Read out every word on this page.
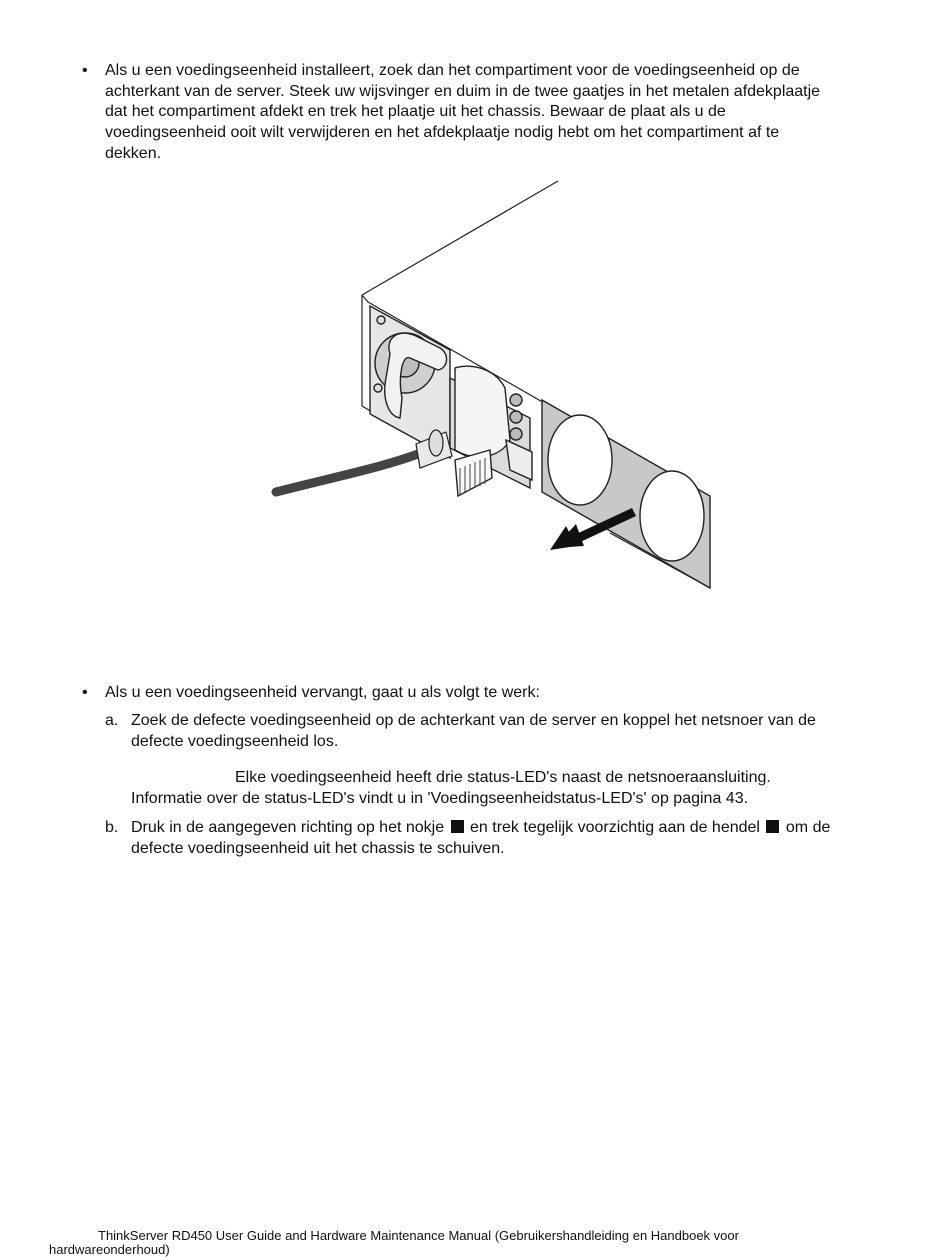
• Als u een voedingseenheid installeert, zoek dan het compartiment voor de voedingseenheid op de
achterkant van de server. Steek uw wijsvinger en duim in de twee gaatjes in het metalen afdekplaatje
dat het compartiment afdekt en trek het plaatje uit het chassis. Bewaar de plaat als u de
voedingseenheid ooit wilt verwijderen en het afdekplaatje nodig hebt om het compartiment af te
dekken.
• Als u een voedingseenheid vervangt, gaat u als volgt te werk:
a. Zoek de defecte voedingseenheid op de achterkant van de server en koppel het netsnoer van de
defecte voedingseenheid los.
Elke voedingseenheid heeft drie status-LED's naast de netsnoeraansluiting.
Informatie over de status-LED's vindt u in 'Voedingseenheidstatus-LED's' op pagina 43.
b. Druk in de aangegeven richting op het nokje en trek tegelijk voorzichtig aan de hendel om de
defecte voedingseenheid uit het chassis te schuiven.
ThinkServer RD450 User Guide and Hardware Maintenance Manual (Gebruikershandleiding en Handboek voor
hardwareonderhoud)
